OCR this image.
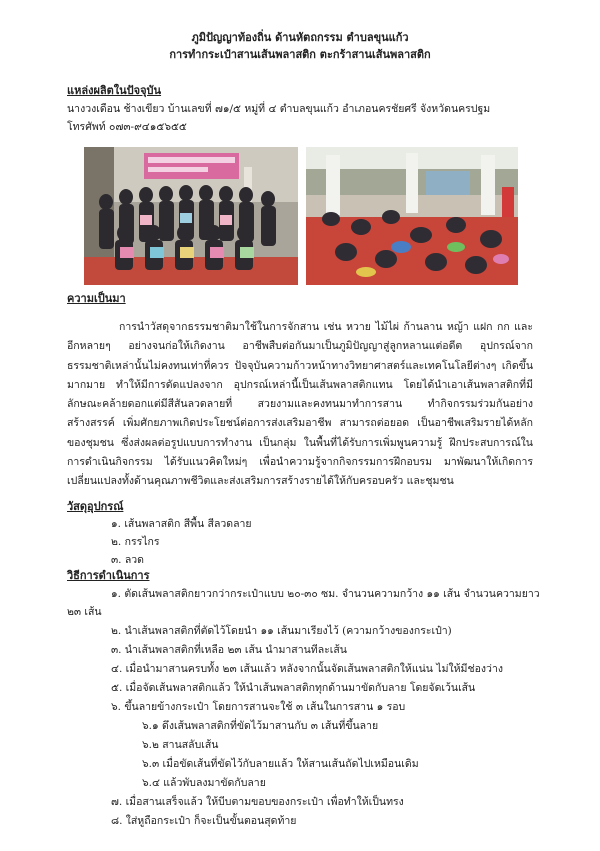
ภูมิปัญญาท้องถิ่น ด้านหัตถกรรม ตำบลขุนแก้ว
การทำกระเป๋าสานเส้นพลาสติก ตะกร้าสานเส้นพลาสติก
แหล่งผลิตในปัจจุบัน
นางวงเดือน ช้างเขียว บ้านเลขที่ ๗๑/๕ หมู่ที่ ๔ ตำบลขุนแก้ว อำเภอนครชัยศรี จังหวัดนครปฐม
โทรศัพท์ ๐๗๓-๙๔๑๕๖๕๕
ความเป็นมา
การนำวัสดุจากธรรมชาติมาใช้ในการจักสาน เช่น หวาย ไม้ไผ่ ก้านลาน หญ้า แฝก กก และอีกหลายๆ อย่างจนก่อให้เกิดงาน อาชีพสืบต่อกันมาเป็นภูมิปัญญาสู่ลูกหลานแต่อดีต อุปกรณ์จากธรรมชาติเหล่านั้นไม่คงทนเท่าที่ควร ปัจจุบันความก้าวหน้าทางวิทยาศาสตร์และเทคโนโลยีต่างๆ เกิดขึ้นมากมาย ทำให้มีการดัดแปลงจาก อุปกรณ์เหล่านี้เป็นเส้นพลาสติกแทน โดยได้นำเอาเส้นพลาสติกที่มีลักษณะคล้ายดอกแต่มีสีสันลวดลายที่ สวยงามและคงทนมาทำการสาน ทำกิจกรรมร่วมกันอย่างสร้างสรรค์ เพิ่มศักยภาพเกิดประโยชน์ต่อการส่งเสริมอาชีพ สามารถต่อยอด เป็นอาชีพเสริมรายได้หลักของชุมชน ซึ่งส่งผลต่อรูปแบบการทำงาน เป็นกลุ่ม ในพื้นที่ได้รับการเพิ่มพูนความรู้ ฝึกประสบการณ์ในการดำเนินกิจกรรม ได้รับแนวคิดใหม่ๆ เพื่อนำความรู้จากกิจกรรมการฝึกอบรม มาพัฒนาให้เกิดการเปลี่ยนแปลงทั้งด้านคุณภาพชีวิตและส่งเสริมการสร้างรายได้ให้กับครอบครัว และชุมชน
วัสดุอุปกรณ์
๑. เส้นพลาสติก สีพื้น สีลวดลาย
๒. กรรไกร
๓. ลวด
วิธีการดำเนินการ
๑. ตัดเส้นพลาสติกยาวกว่ากระเป๋าแบบ ๒๐-๓๐ ซม. จำนวนความกว้าง ๑๑ เส้น จำนวนความยาว
๒๓ เส้น
๒. นำเส้นพลาสติกที่ตัดไว้โดยนำ ๑๑ เส้นมาเรียงไว้ (ความกว้างของกระเป๋า)
๓. นำเส้นพลาสติกที่เหลือ ๒๓ เส้น นำมาสานทีละเส้น
๔. เมื่อนำมาสานครบทั้ง ๒๓ เส้นแล้ว หลังจากนั้นจัดเส้นพลาสติกให้แน่น ไม่ให้มีช่องว่าง
๕. เมื่อจัดเส้นพลาสติกแล้ว ให้นำเส้นพลาสติกทุกด้านมาขัดกับลาย โดยจัดเว้นเส้น
๖. ขึ้นลายข้างกระเป๋า โดยการสานจะใช้ ๓ เส้นในการสาน ๑ รอบ
๖.๑ ดึงเส้นพลาสติกที่ขัดไว้มาสานกับ ๓ เส้นที่ขึ้นลาย
๖.๒ สานสลับเส้น
๖.๓ เมื่อขัดเส้นที่ขัดไว้กับลายแล้ว ให้สานเส้นถัดไปเหมือนเดิม
๖.๔ แล้วพับลงมาขัดกับลาย
๗. เมื่อสานเสร็จแล้ว ให้บีบตามขอบของกระเป๋า เพื่อทำให้เป็นทรง
๘. ใส่หูถือกระเป๋า ก็จะเป็นขั้นตอนสุดท้าย
